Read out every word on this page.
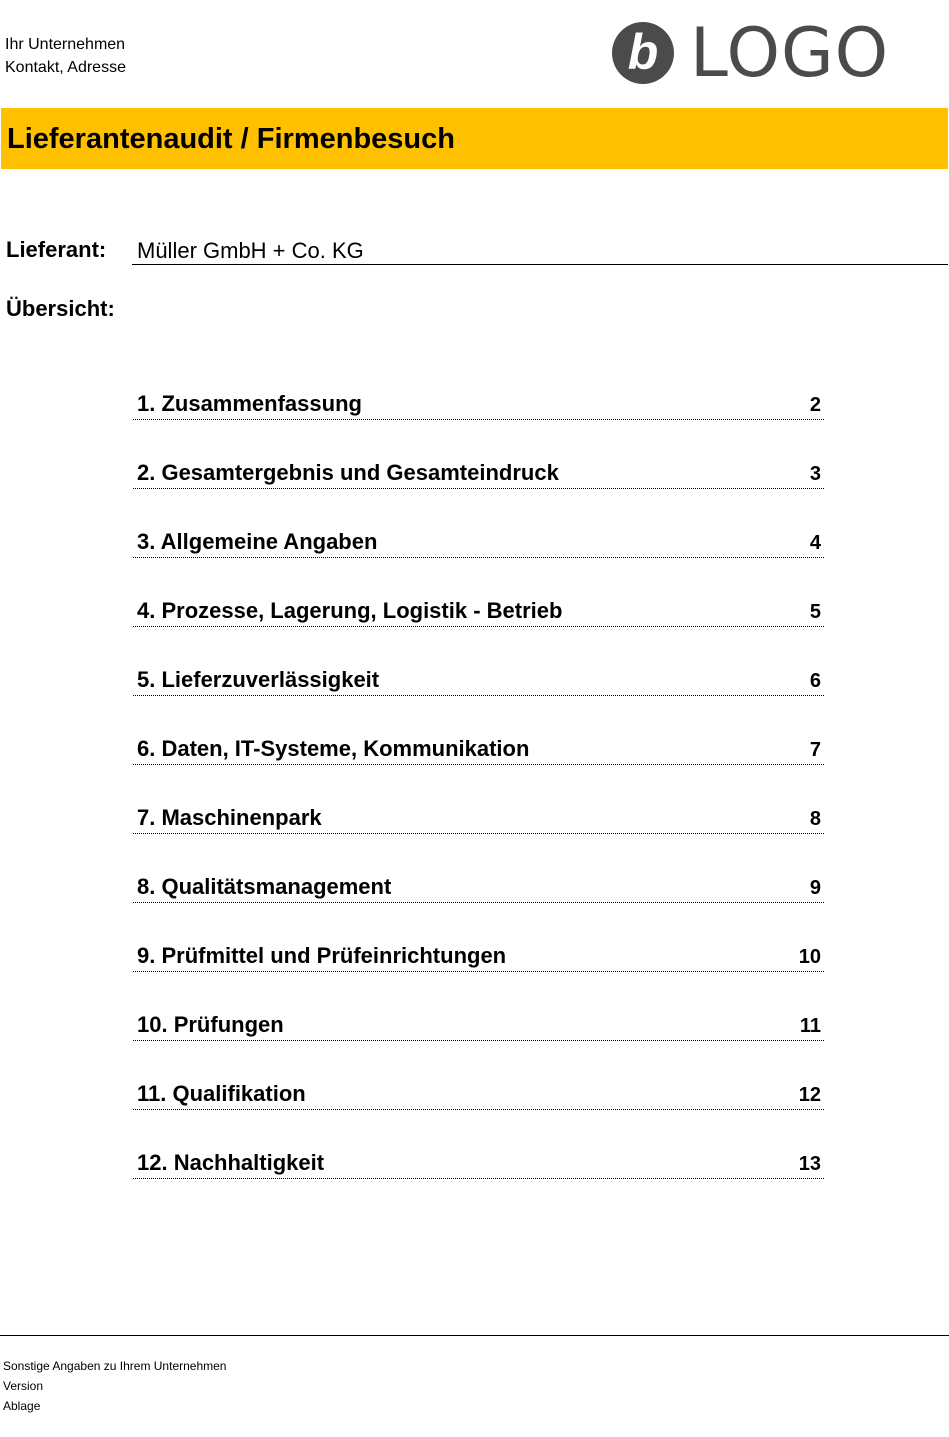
Ihr Unternehmen
Kontakt, Adresse	b LOGO
Lieferantenaudit / Firmenbesuch
Lieferant: Müller GmbH + Co. KG
Übersicht:
1. Zusammenfassung	2
2. Gesamtergebnis und Gesamteindruck	3
3. Allgemeine Angaben	4
4. Prozesse, Lagerung, Logistik - Betrieb	5
5. Lieferzuverlässigkeit	6
6. Daten, IT-Systeme, Kommunikation	7
7. Maschinenpark	8
8. Qualitätsmanagement	9
9. Prüfmittel und Prüfeinrichtungen	10
10. Prüfungen	11
11. Qualifikation	12
12. Nachhaltigkeit	13
Sonstige Angaben zu Ihrem Unternehmen
Version
Ablage
